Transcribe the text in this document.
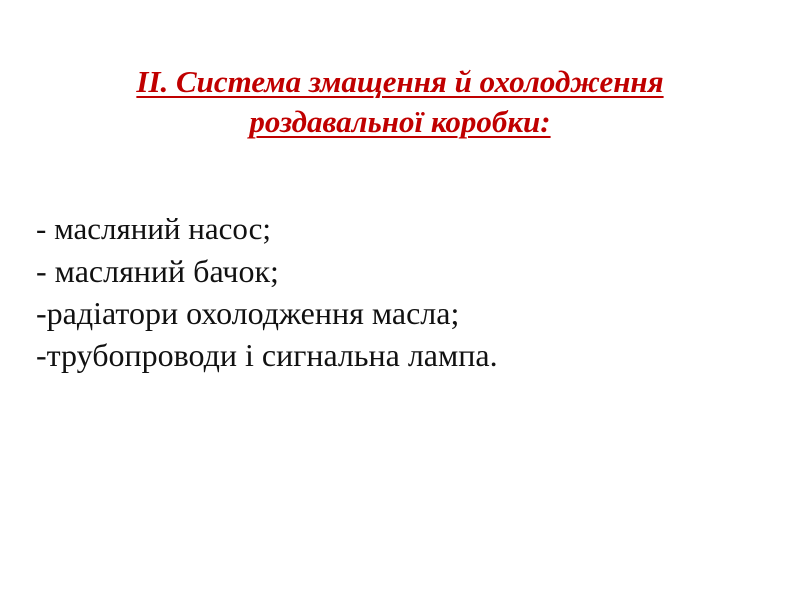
ІІ. Система змащення й охолодження
роздавальної коробки:
- масляний насос;
- масляний бачок;
-радіатори охолодження масла;
-трубопроводи і сигнальна лампа.
